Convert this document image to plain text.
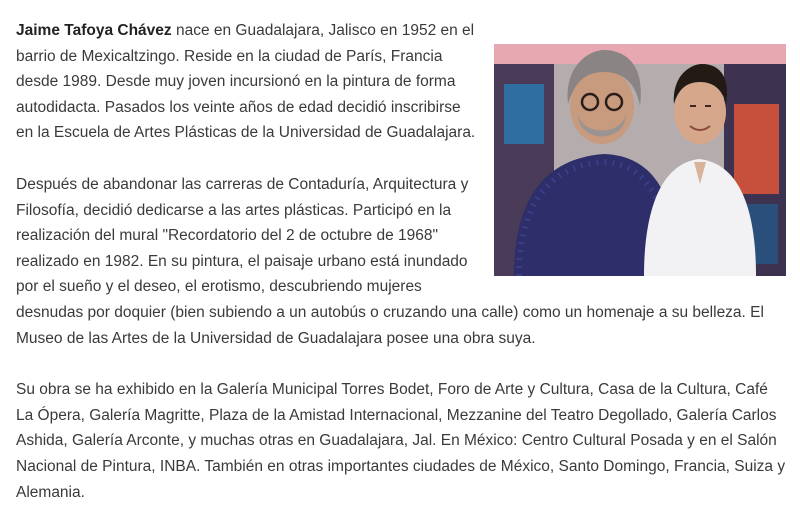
Jaime Tafoya Chávez nace en Guadalajara, Jalisco en 1952 en el barrio de Mexicaltzingo. Reside en la ciudad de París, Francia desde 1989. Desde muy joven incursionó en la pintura de forma autodidacta. Pasados los veinte años de edad decidió inscribirse en la Escuela de Artes Plásticas de la Universidad de Guadalajara.

Después de abandonar las carreras de Contaduría, Arquitectura y Filosofía, decidió dedicarse a las artes plásticas. Participó en la realización del mural "Recordatorio del 2 de octubre de 1968" realizado en 1982. En su pintura, el paisaje urbano está inundado por el sueño y el deseo, el erotismo, descubriendo mujeres desnudas por doquier (bien subiendo a un autobús o cruzando una calle) como un homenaje a su belleza. El Museo de las Artes de la Universidad de Guadalajara posee una obra suya.

Su obra se ha exhibido en la Galería Municipal Torres Bodet, Foro de Arte y Cultura, Casa de la Cultura, Café La Ópera, Galería Magritte, Plaza de la Amistad Internacional, Mezzanine del Teatro Degollado, Galería Carlos Ashida, Galería Arconte, y muchas otras en Guadalajara, Jal. En México: Centro Cultural Posada y en el Salón Nacional de Pintura, INBA. También en otras importantes ciudades de México, Santo Domingo, Francia, Suiza y Alemania.
